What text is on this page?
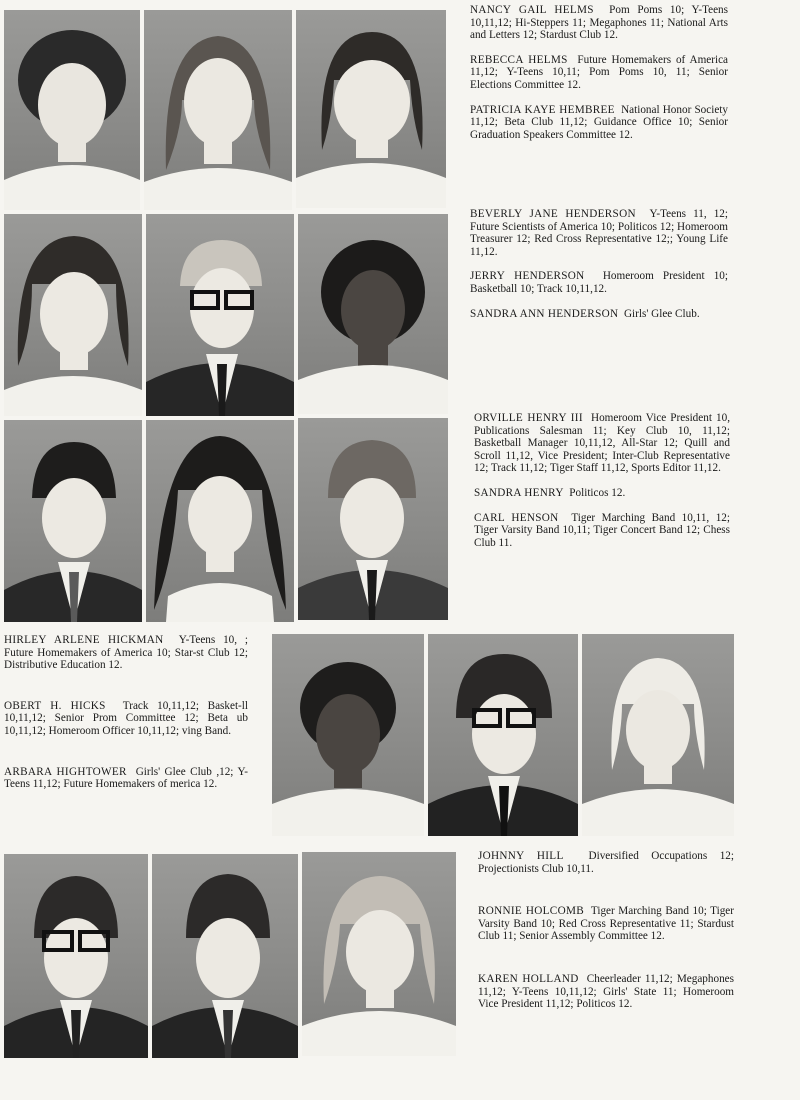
NANCY GAIL HELMS Pom Poms 10; Y-Teens 10,11,12; Hi-Steppers 11; Megaphones 11; National Arts and Letters 12; Stardust Club 12.

REBECCA HELMS Future Homemakers of America 11,12; Y-Teens 10,11; Pom Poms 10, 11; Senior Elections Committee 12.

PATRICIA KAYE HEMBREE National Honor Society 11,12; Beta Club 11,12; Guidance Office 10; Senior Graduation Speakers Committee 12.

BEVERLY JANE HENDERSON Y-Teens 11, 12; Future Scientists of America 10; Politicos 12; Homeroom Treasurer 12; Red Cross Representative 12;; Young Life 11,12.

JERRY HENDERSON Homeroom President 10; Basketball 10; Track 10,11,12.

SANDRA ANN HENDERSON Girls' Glee Club.

ORVILLE HENRY III Homeroom Vice President 10, Publications Salesman 11; Key Club 10, 11,12; Basketball Manager 10,11,12, All-Star 12; Quill and Scroll 11,12, Vice President; Inter-Club Representative 12; Track 11,12; Tiger Staff 11,12, Sports Editor 11,12.

SANDRA HENRY Politicos 12.

CARL HENSON Tiger Marching Band 10,11, 12; Tiger Varsity Band 10,11; Tiger Concert Band 12; Chess Club 11.

HIRLEY ARLENE HICKMAN Y-Teens 10, ; Future Homemakers of America 10; Star-st Club 12; Distributive Education 12.

OBERT H. HICKS Track 10,11,12; Basket-ll 10,11,12; Senior Prom Committee 12; Beta ub 10,11,12; Homeroom Officer 10,11,12; ving Band.

ARBARA HIGHTOWER Girls' Glee Club ,12; Y-Teens 11,12; Future Homemakers of merica 12.

JOHNNY HILL Diversified Occupations 12; Projectionists Club 10,11.

RONNIE HOLCOMB Tiger Marching Band 10; Tiger Varsity Band 10; Red Cross Representative 11; Stardust Club 11; Senior Assembly Committee 12.

KAREN HOLLAND Cheerleader 11,12; Megaphones 11,12; Y-Teens 10,11,12; Girls' State 11; Homeroom Vice President 11,12; Politicos 12.
